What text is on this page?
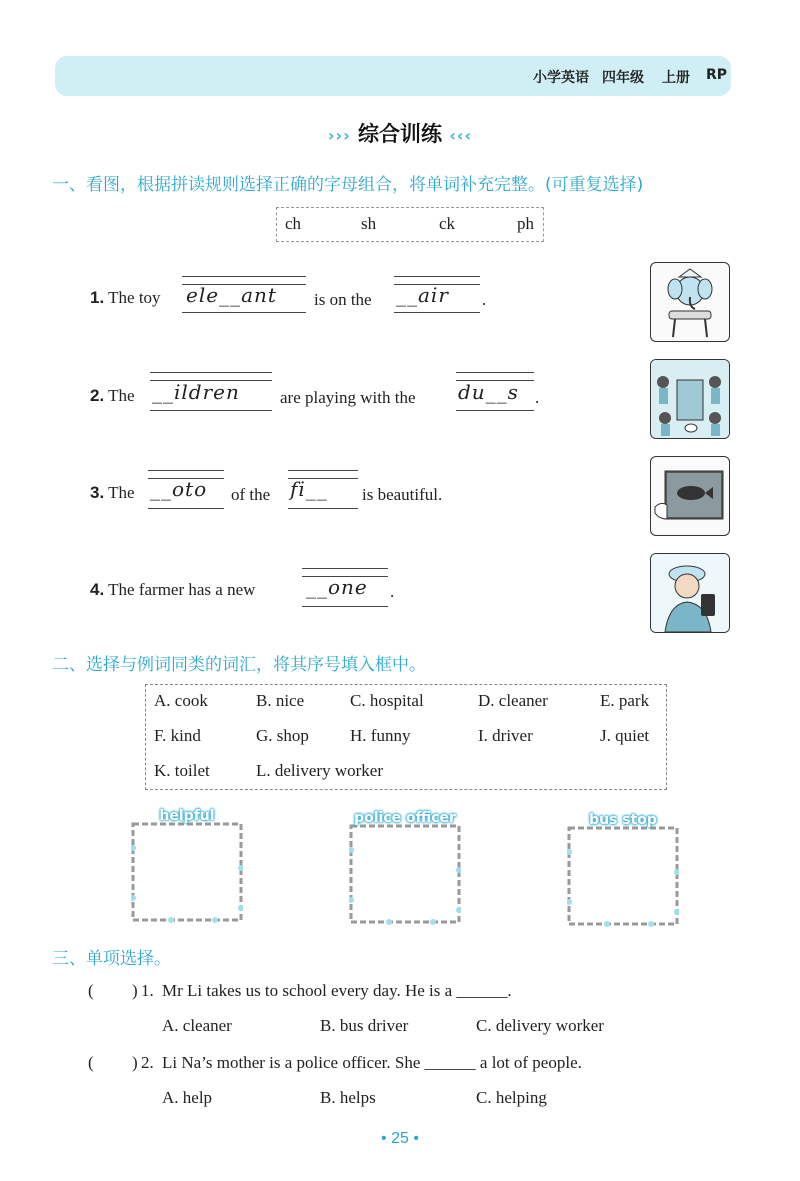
小学英语 四年级 上册 RP
››› 综合训练 ‹‹‹
一、看图，根据拼读规则选择正确的字母组合，将单词补充完整。(可重复选择)
ch	sh	ck	ph
1. The toy ele__ant is on the __air .
2. The __ildren are playing with the du__s .
3. The __oto of the fi__ is beautiful.
4. The farmer has a new	__one .
二、选择与例词同类的词汇，将其序号填入框中。
A. cook	B. nice	C. hospital	D. cleaner	E. park
F. kind	G. shop H. funny	I. driver	J. quiet
K. toilet	L. delivery worker
helpful	police officer	bus stop
三、单项选择。
( ) 1. Mr Li takes us to school every day. He is a ______.
A. cleaner	B. bus driver	C. delivery worker
( ) 2. Li Na’s mother is a police officer. She ______ a lot of people.
A. help	B. helps	C. helping
• 25 •
